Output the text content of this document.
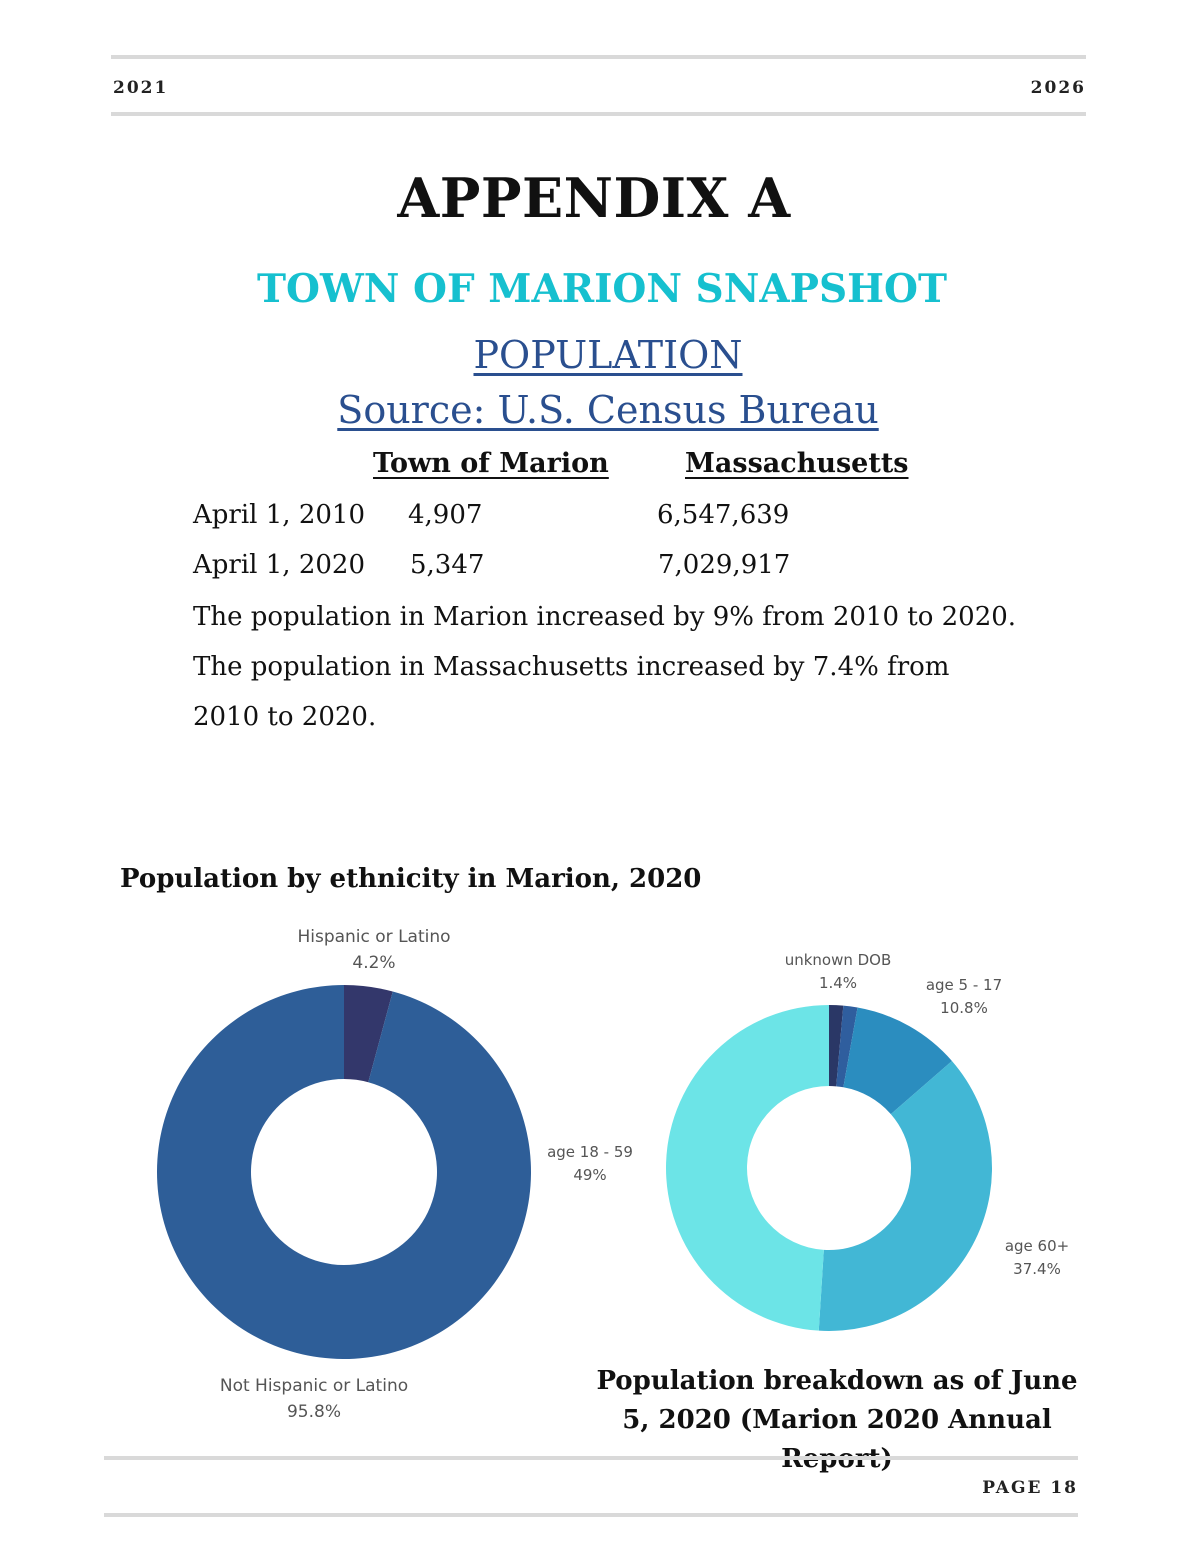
2021	2026
APPENDIX A
TOWN OF MARION SNAPSHOT
POPULATION
Source: U.S. Census Bureau
Town of Marion	Massachusetts
April 1, 2010 4,907	6,547,639
April 1, 2020 5,347	7,029,917
The population in Marion increased by 9% from 2010 to 2020.
The population in Massachusetts increased by 7.4% from 2010 to 2020.
Population by ethnicity in Marion, 2020
Hispanic or Latino
4.2%
Not Hispanic or Latino
95.8%
unknown DOB
1.4%	age 5 - 17
10.8%
age 18 - 59
49%
age 60+
37.4%
Population breakdown as of June 5, 2020 (Marion 2020 Annual
PAGE 18
